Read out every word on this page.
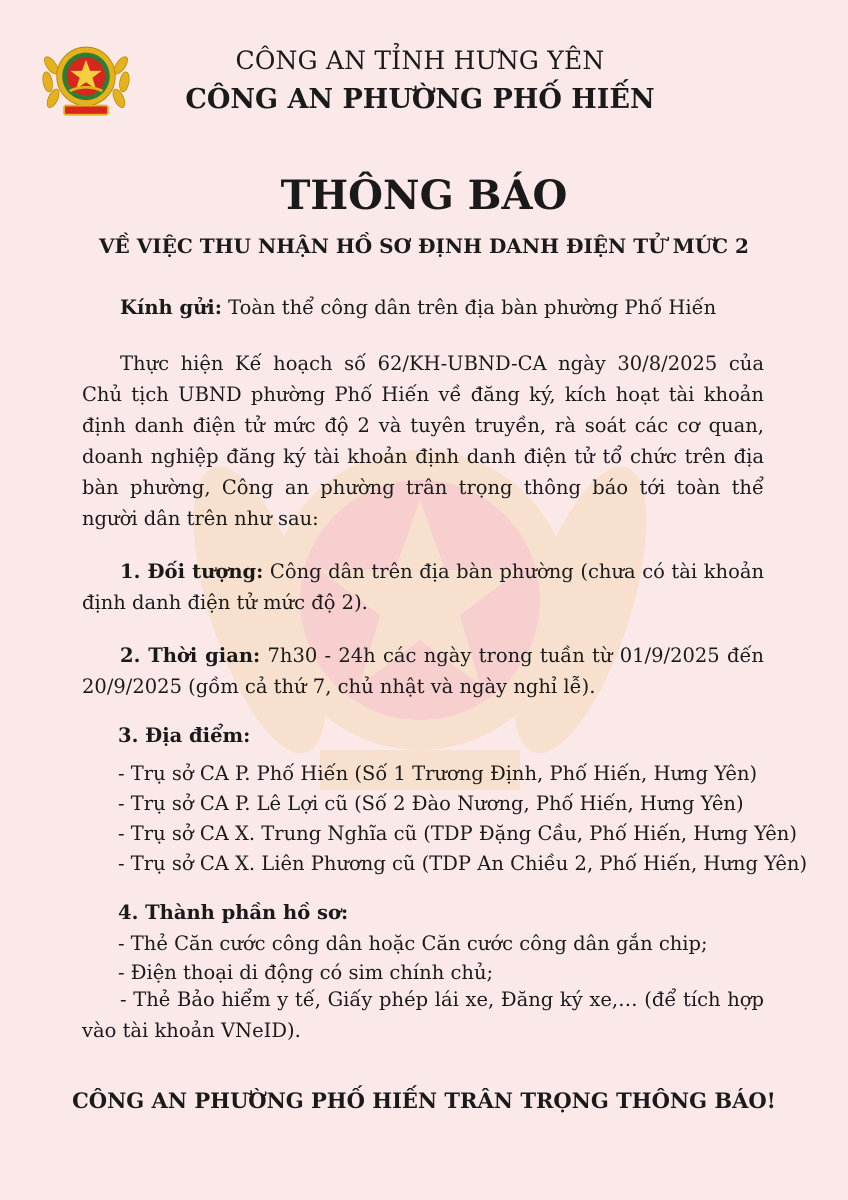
CÔNG AN TỈNH HƯNG YÊN
CÔNG AN PHƯỜNG PHỐ HIẾN
THÔNG BÁO
VỀ VIỆC THU NHẬN HỒ SƠ ĐỊNH DANH ĐIỆN TỬ MỨC 2
Kính gửi: Toàn thể công dân trên địa bàn phường Phố Hiến
Thực hiện Kế hoạch số 62/KH-UBND-CA ngày 30/8/2025 của Chủ tịch UBND phường Phố Hiến về đăng ký, kích hoạt tài khoản định danh điện tử mức độ 2 và tuyên truyền, rà soát các cơ quan, doanh nghiệp đăng ký tài khoản định danh điện tử tổ chức trên địa bàn phường, Công an phường trân trọng thông báo tới toàn thể người dân trên như sau:
1. Đối tượng: Công dân trên địa bàn phường (chưa có tài khoản định danh điện tử mức độ 2).
2. Thời gian: 7h30 - 24h các ngày trong tuần từ 01/9/2025 đến 20/9/2025 (gồm cả thứ 7, chủ nhật và ngày nghỉ lễ).
3. Địa điểm:
- Trụ sở CA P. Phố Hiến (Số 1 Trương Định, Phố Hiến, Hưng Yên)
- Trụ sở CA P. Lê Lợi cũ (Số 2 Đào Nương, Phố Hiến, Hưng Yên)
- Trụ sở CA X. Trung Nghĩa cũ (TDP Đặng Cầu, Phố Hiến, Hưng Yên)
- Trụ sở CA X. Liên Phương cũ (TDP An Chiều 2, Phố Hiến, Hưng Yên)
4. Thành phần hồ sơ:
- Thẻ Căn cước công dân hoặc Căn cước công dân gắn chip;
- Điện thoại di động có sim chính chủ;
- Thẻ Bảo hiểm y tế, Giấy phép lái xe, Đăng ký xe,… (để tích hợp vào tài khoản VNeID).
CÔNG AN PHƯỜNG PHỐ HIẾN TRÂN TRỌNG THÔNG BÁO!
